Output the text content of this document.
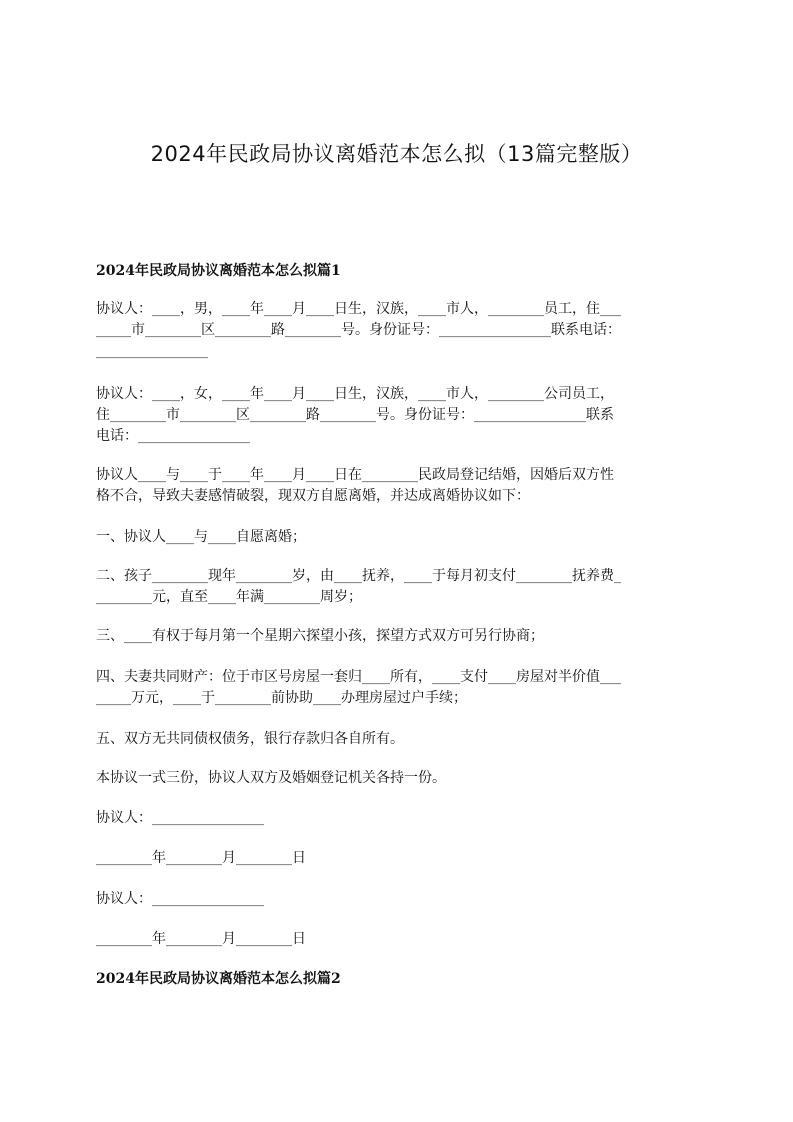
2024年民政局协议离婚范本怎么拟（13篇完整版）
2024年民政局协议离婚范本怎么拟篇1
协议人：____，男，____年____月____日生，汉族，____市人，________员工，住___
_____市________区________路________号。身份证号：________________联系电话：
________________
协议人：____，女，____年____月____日生，汉族，____市人，________公司员工，
住________市________区________路________号。身份证号：________________联系
电话：________________
协议人____与____于____年____月____日在________民政局登记结婚，因婚后双方性
格不合，导致夫妻感情破裂，现双方自愿离婚，并达成离婚协议如下：
一、协议人____与____自愿离婚；
二、孩子________现年________岁，由____抚养，____于每月初支付________抚养费_
________元，直至____年满________周岁；
三、____有权于每月第一个星期六探望小孩，探望方式双方可另行协商；
四、夫妻共同财产：位于市区号房屋一套归____所有，____支付____房屋对半价值___
_____万元，____于________前协助____办理房屋过户手续；
五、双方无共同债权债务，银行存款归各自所有。
本协议一式三份，协议人双方及婚姻登记机关各持一份。
协议人：________________
________年________月________日
协议人：________________
________年________月________日
2024年民政局协议离婚范本怎么拟篇2
